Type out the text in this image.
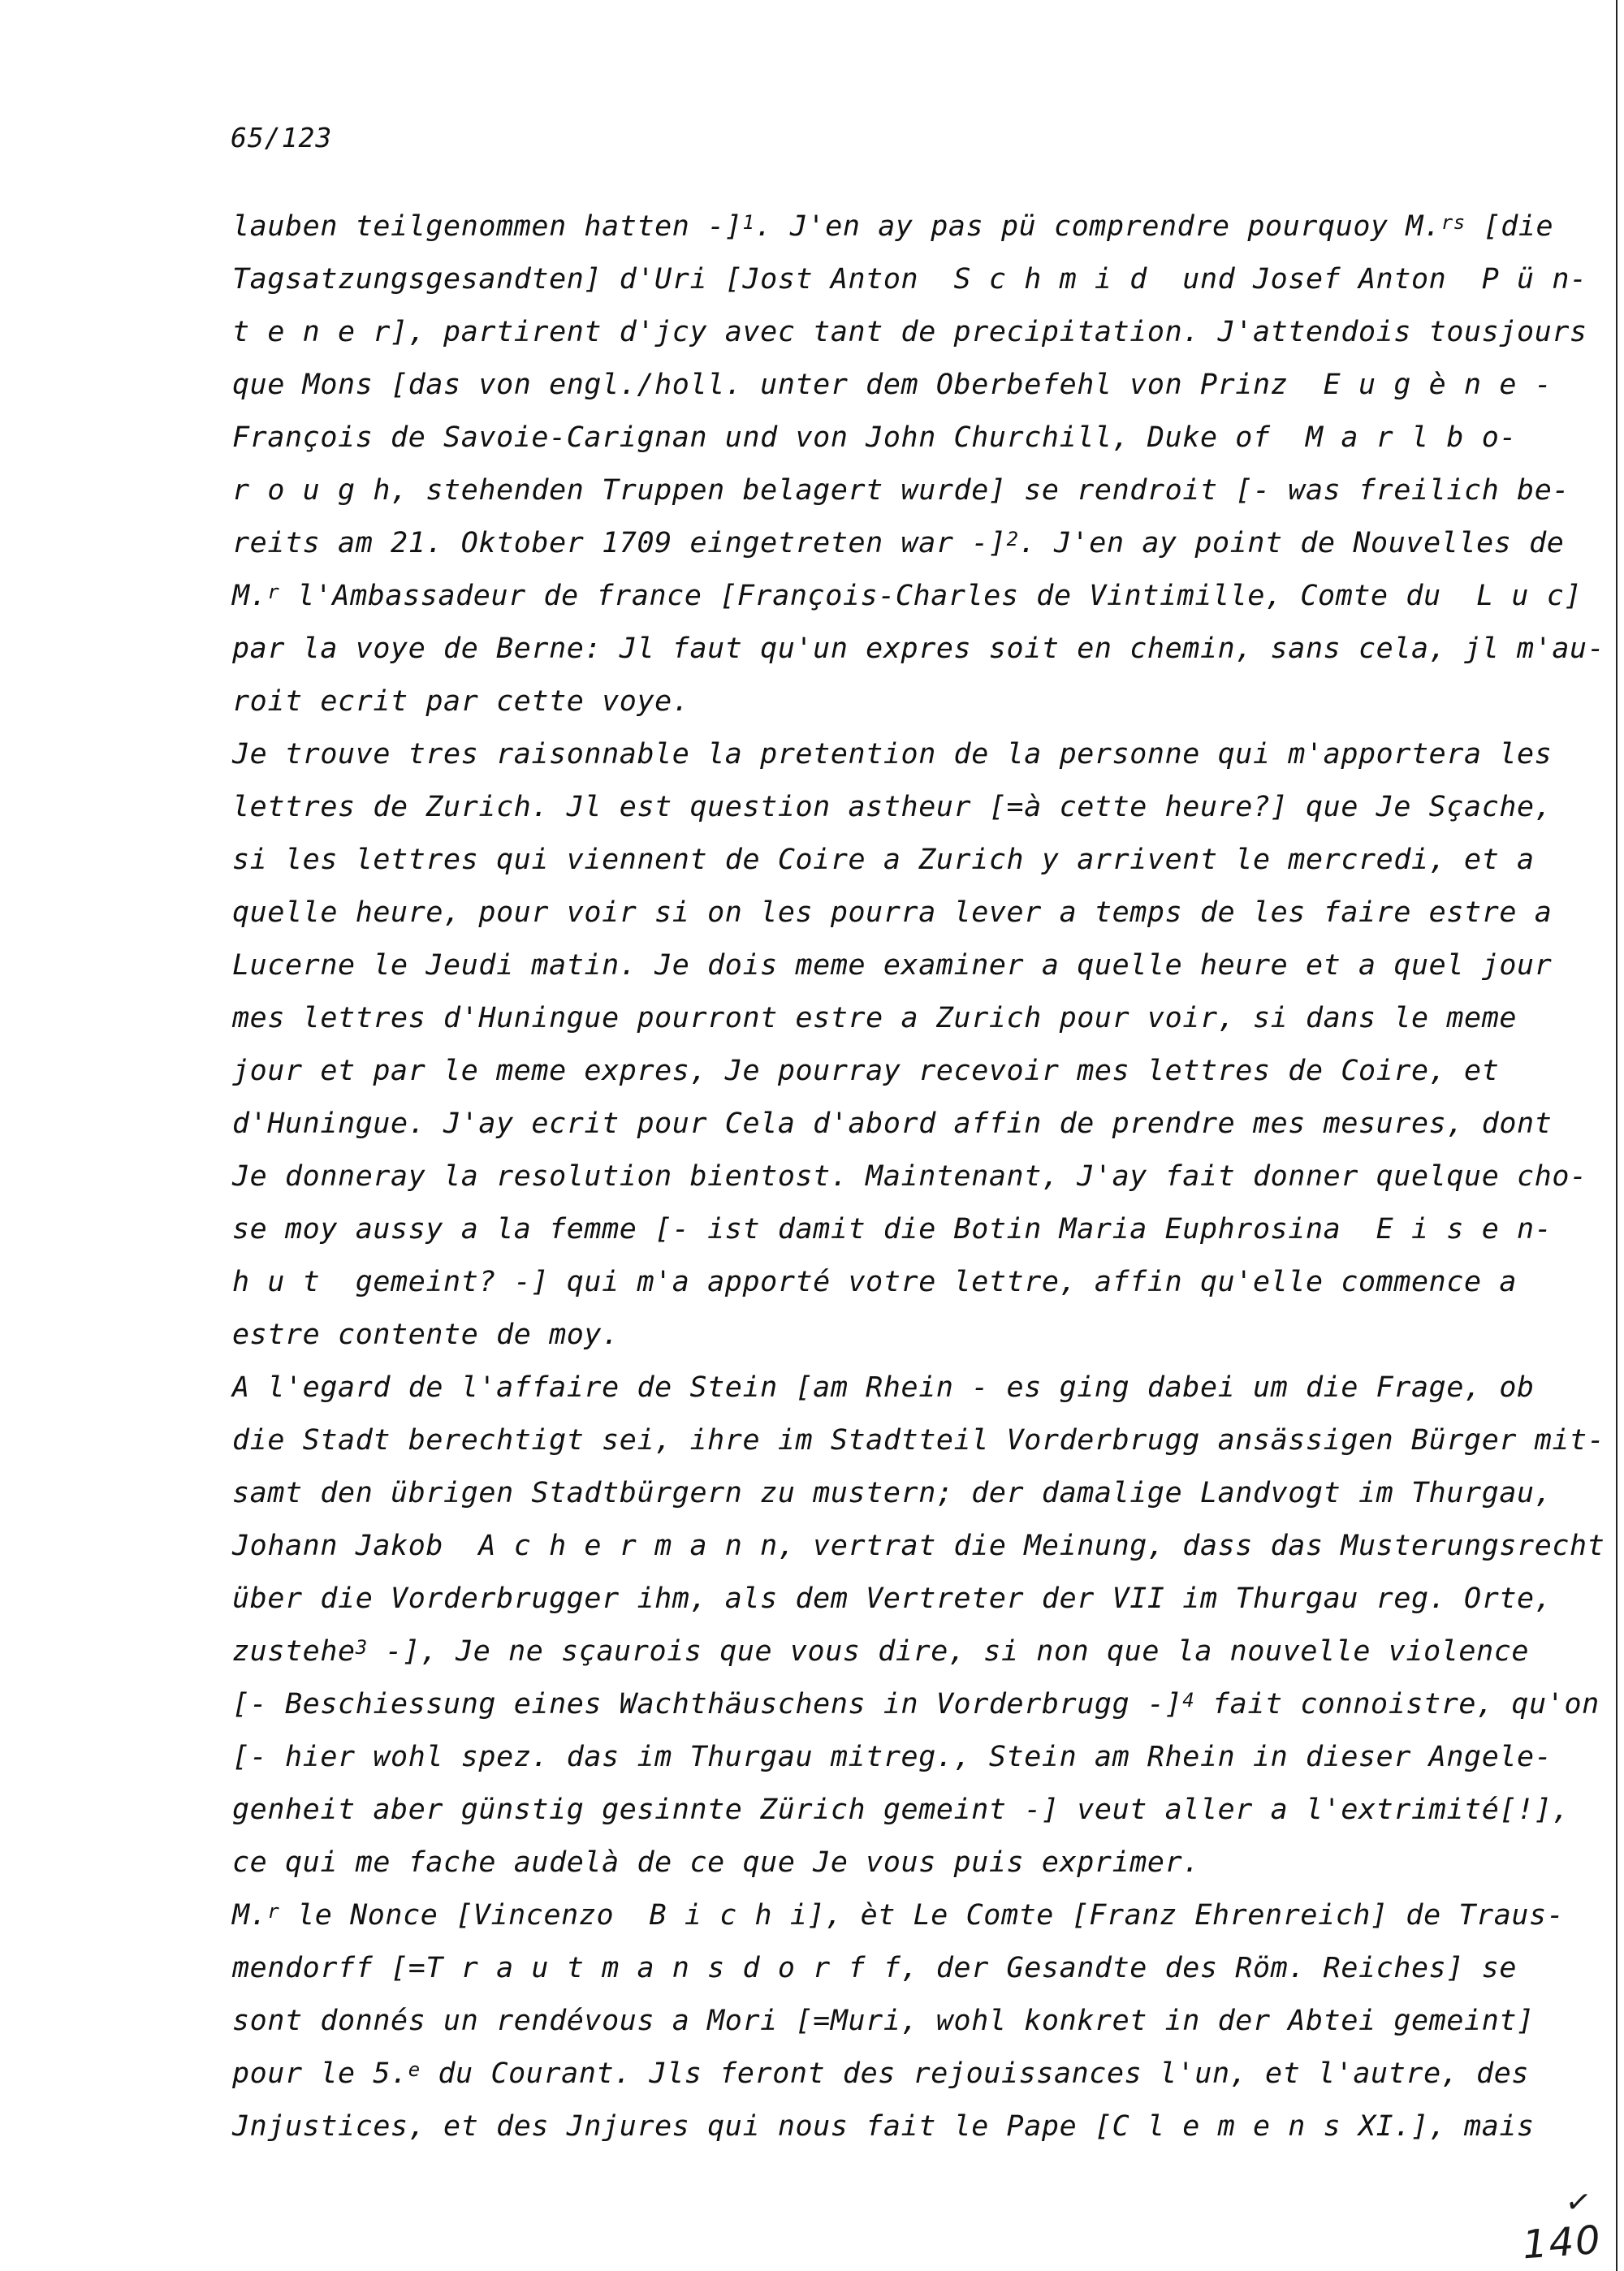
65/123
lauben teilgenommen hatten -]$^1$. J'en ay pas pü comprendre pourquoy M.$^{rs}$ [die
Tagsatzungsgesandten] d'Uri [Jost Anton  S c h m i d  und Josef Anton  P ü n-
t e n e r], partirent d'jcy avec tant de precipitation. J'attendois tousjours
que Mons [das von engl./holl. unter dem Oberbefehl von Prinz  E u g è n e -
François de Savoie-Carignan und von John Churchill, Duke of  M a r l b o-
r o u g h, stehenden Truppen belagert wurde] se rendroit [- was freilich be-
reits am 21. Oktober 1709 eingetreten war -]$^2$. J'en ay point de Nouvelles de
M.$^r$ l'Ambassadeur de france [François-Charles de Vintimille, Comte du  L u c]
par la voye de Berne: Jl faut qu'un expres soit en chemin, sans cela, jl m'au-
roit ecrit par cette voye.
Je trouve tres raisonnable la pretention de la personne qui m'apportera les
lettres de Zurich. Jl est question astheur [=à cette heure?] que Je Sçache,
si les lettres qui viennent de Coire a Zurich y arrivent le mercredi, et a
quelle heure, pour voir si on les pourra lever a temps de les faire estre a
Lucerne le Jeudi matin. Je dois meme examiner a quelle heure et a quel jour
mes lettres d'Huningue pourront estre a Zurich pour voir, si dans le meme
jour et par le meme expres, Je pourray recevoir mes lettres de Coire, et
d'Huningue. J'ay ecrit pour Cela d'abord affin de prendre mes mesures, dont
Je donneray la resolution bientost. Maintenant, J'ay fait donner quelque cho-
se moy aussy a la femme [- ist damit die Botin Maria Euphrosina  E i s e n-
h u t  gemeint? -] qui m'a apporté votre lettre, affin qu'elle commence a
estre contente de moy.
A l'egard de l'affaire de Stein [am Rhein - es ging dabei um die Frage, ob
die Stadt berechtigt sei, ihre im Stadtteil Vorderbrugg ansässigen Bürger mit-
samt den übrigen Stadtbürgern zu mustern; der damalige Landvogt im Thurgau,
Johann Jakob  A c h e r m a n n, vertrat die Meinung, dass das Musterungsrecht
über die Vorderbrugger ihm, als dem Vertreter der VII im Thurgau reg. Orte,
zustehe$^3$ -], Je ne sçaurois que vous dire, si non que la nouvelle violence
[- Beschiessung eines Wachthäuschens in Vorderbrugg -]$^4$ fait connoistre, qu'on
[- hier wohl spez. das im Thurgau mitreg., Stein am Rhein in dieser Angele-
genheit aber günstig gesinnte Zürich gemeint -] veut aller a l'extrimité[!],
ce qui me fache audelà de ce que Je vous puis exprimer.
M.$^r$ le Nonce [Vincenzo  B i c h i], èt Le Comte [Franz Ehrenreich] de Traus-
mendorff [=T r a u t m a n s d o r f f, der Gesandte des Röm. Reiches] se
sont donnés un rendévous a Mori [=Muri, wohl konkret in der Abtei gemeint]
pour le 5.$^e$ du Courant. Jls feront des rejouissances l'un, et l'autre, des
Jnjustices, et des Jnjures qui nous fait le Pape [C l e m e n s XI.], mais
✓
140
